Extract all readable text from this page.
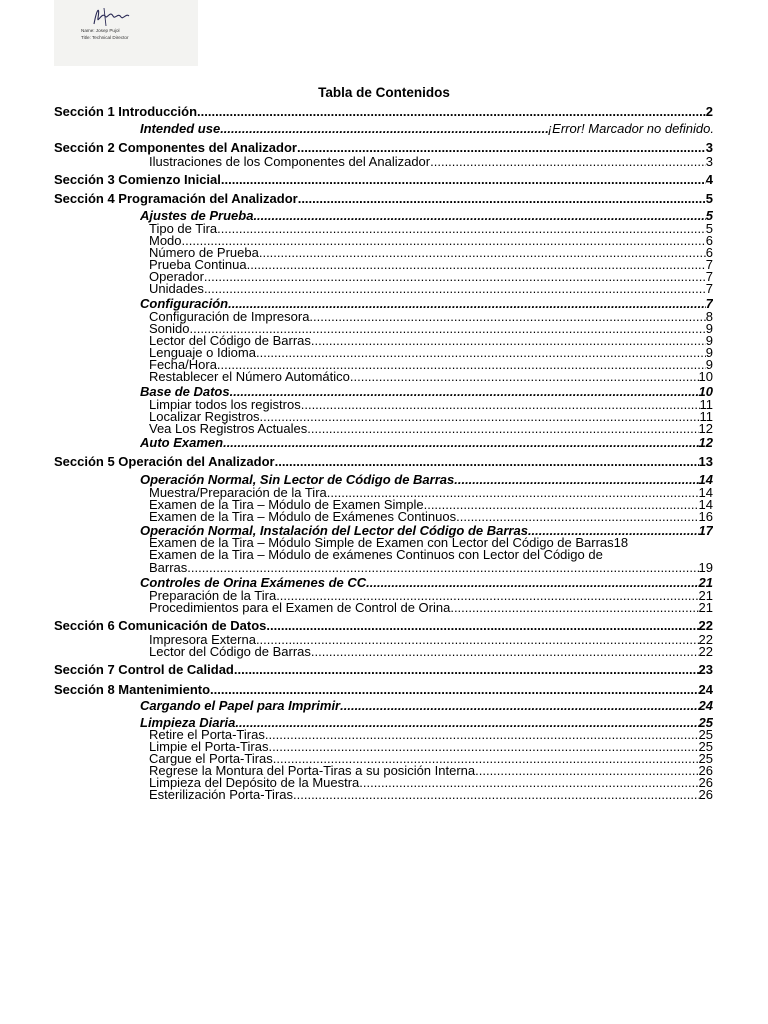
Name: Josep Pujol
Title: Technical Director
Tabla de Contenidos
Sección 1 Introducción .....	2
Intended use .....	¡Error! Marcador no definido.
Sección 2 Componentes del Analizador .....	3
Ilustraciones de los Componentes del Analizador .....	3
Sección 3 Comienzo Inicial .....	4
Sección 4 Programación del Analizador .....	5
Ajustes de Prueba .....	5
Tipo de Tira .....	5
Modo .....	6
Número de Prueba .....	6
Prueba Continua .....	7
Operador .....	7
Unidades .....	7
Configuración .....	7
Configuración de Impresora .....	8
Sonido .....	9
Lector del Código de Barras .....	9
Lenguaje o Idioma .....	9
Fecha/Hora .....	9
Restablecer el Número Automático .....	10
Base de Datos .....	10
Limpiar todos los registros .....	11
Localizar Registros .....	11
Vea Los Registros Actuales .....	12
Auto Examen .....	12
Sección 5 Operación del Analizador .....	13
Operación Normal, Sin Lector de Código de Barras .....	14
Muestra/Preparación de la Tira .....	14
Examen de la Tira – Módulo de Examen Simple .....	14
Examen de la Tira – Módulo de Exámenes Continuos .....	16
Operación Normal, Instalación del Lector del Código de Barras .....	17
Examen de la Tira – Módulo Simple de Examen con Lector del Código de Barras 18
Examen de la Tira – Módulo de exámenes Continuos con Lector del Código de
Barras .....	19
Controles de Orina Exámenes de CC .....	21
Preparación de la Tira .....	21
Procedimientos para el Examen de Control de Orina. .....	21
Sección 6 Comunicación de Datos .....	22
Impresora Externa .....	22
Lector del Código de Barras .....	22
Sección 7 Control de Calidad .....	23
Sección 8 Mantenimiento .....	24
Cargando el Papel para Imprimir .....	24
Limpieza Diaria .....	25
Retire el Porta-Tiras .....	25
Limpie el Porta-Tiras .....	25
Cargue el Porta-Tiras .....	25
Regrese la Montura del Porta-Tiras a su posición Interna .....	26
Limpieza del Depósito de la Muestra .....	26
Esterilización Porta-Tiras .....	26
